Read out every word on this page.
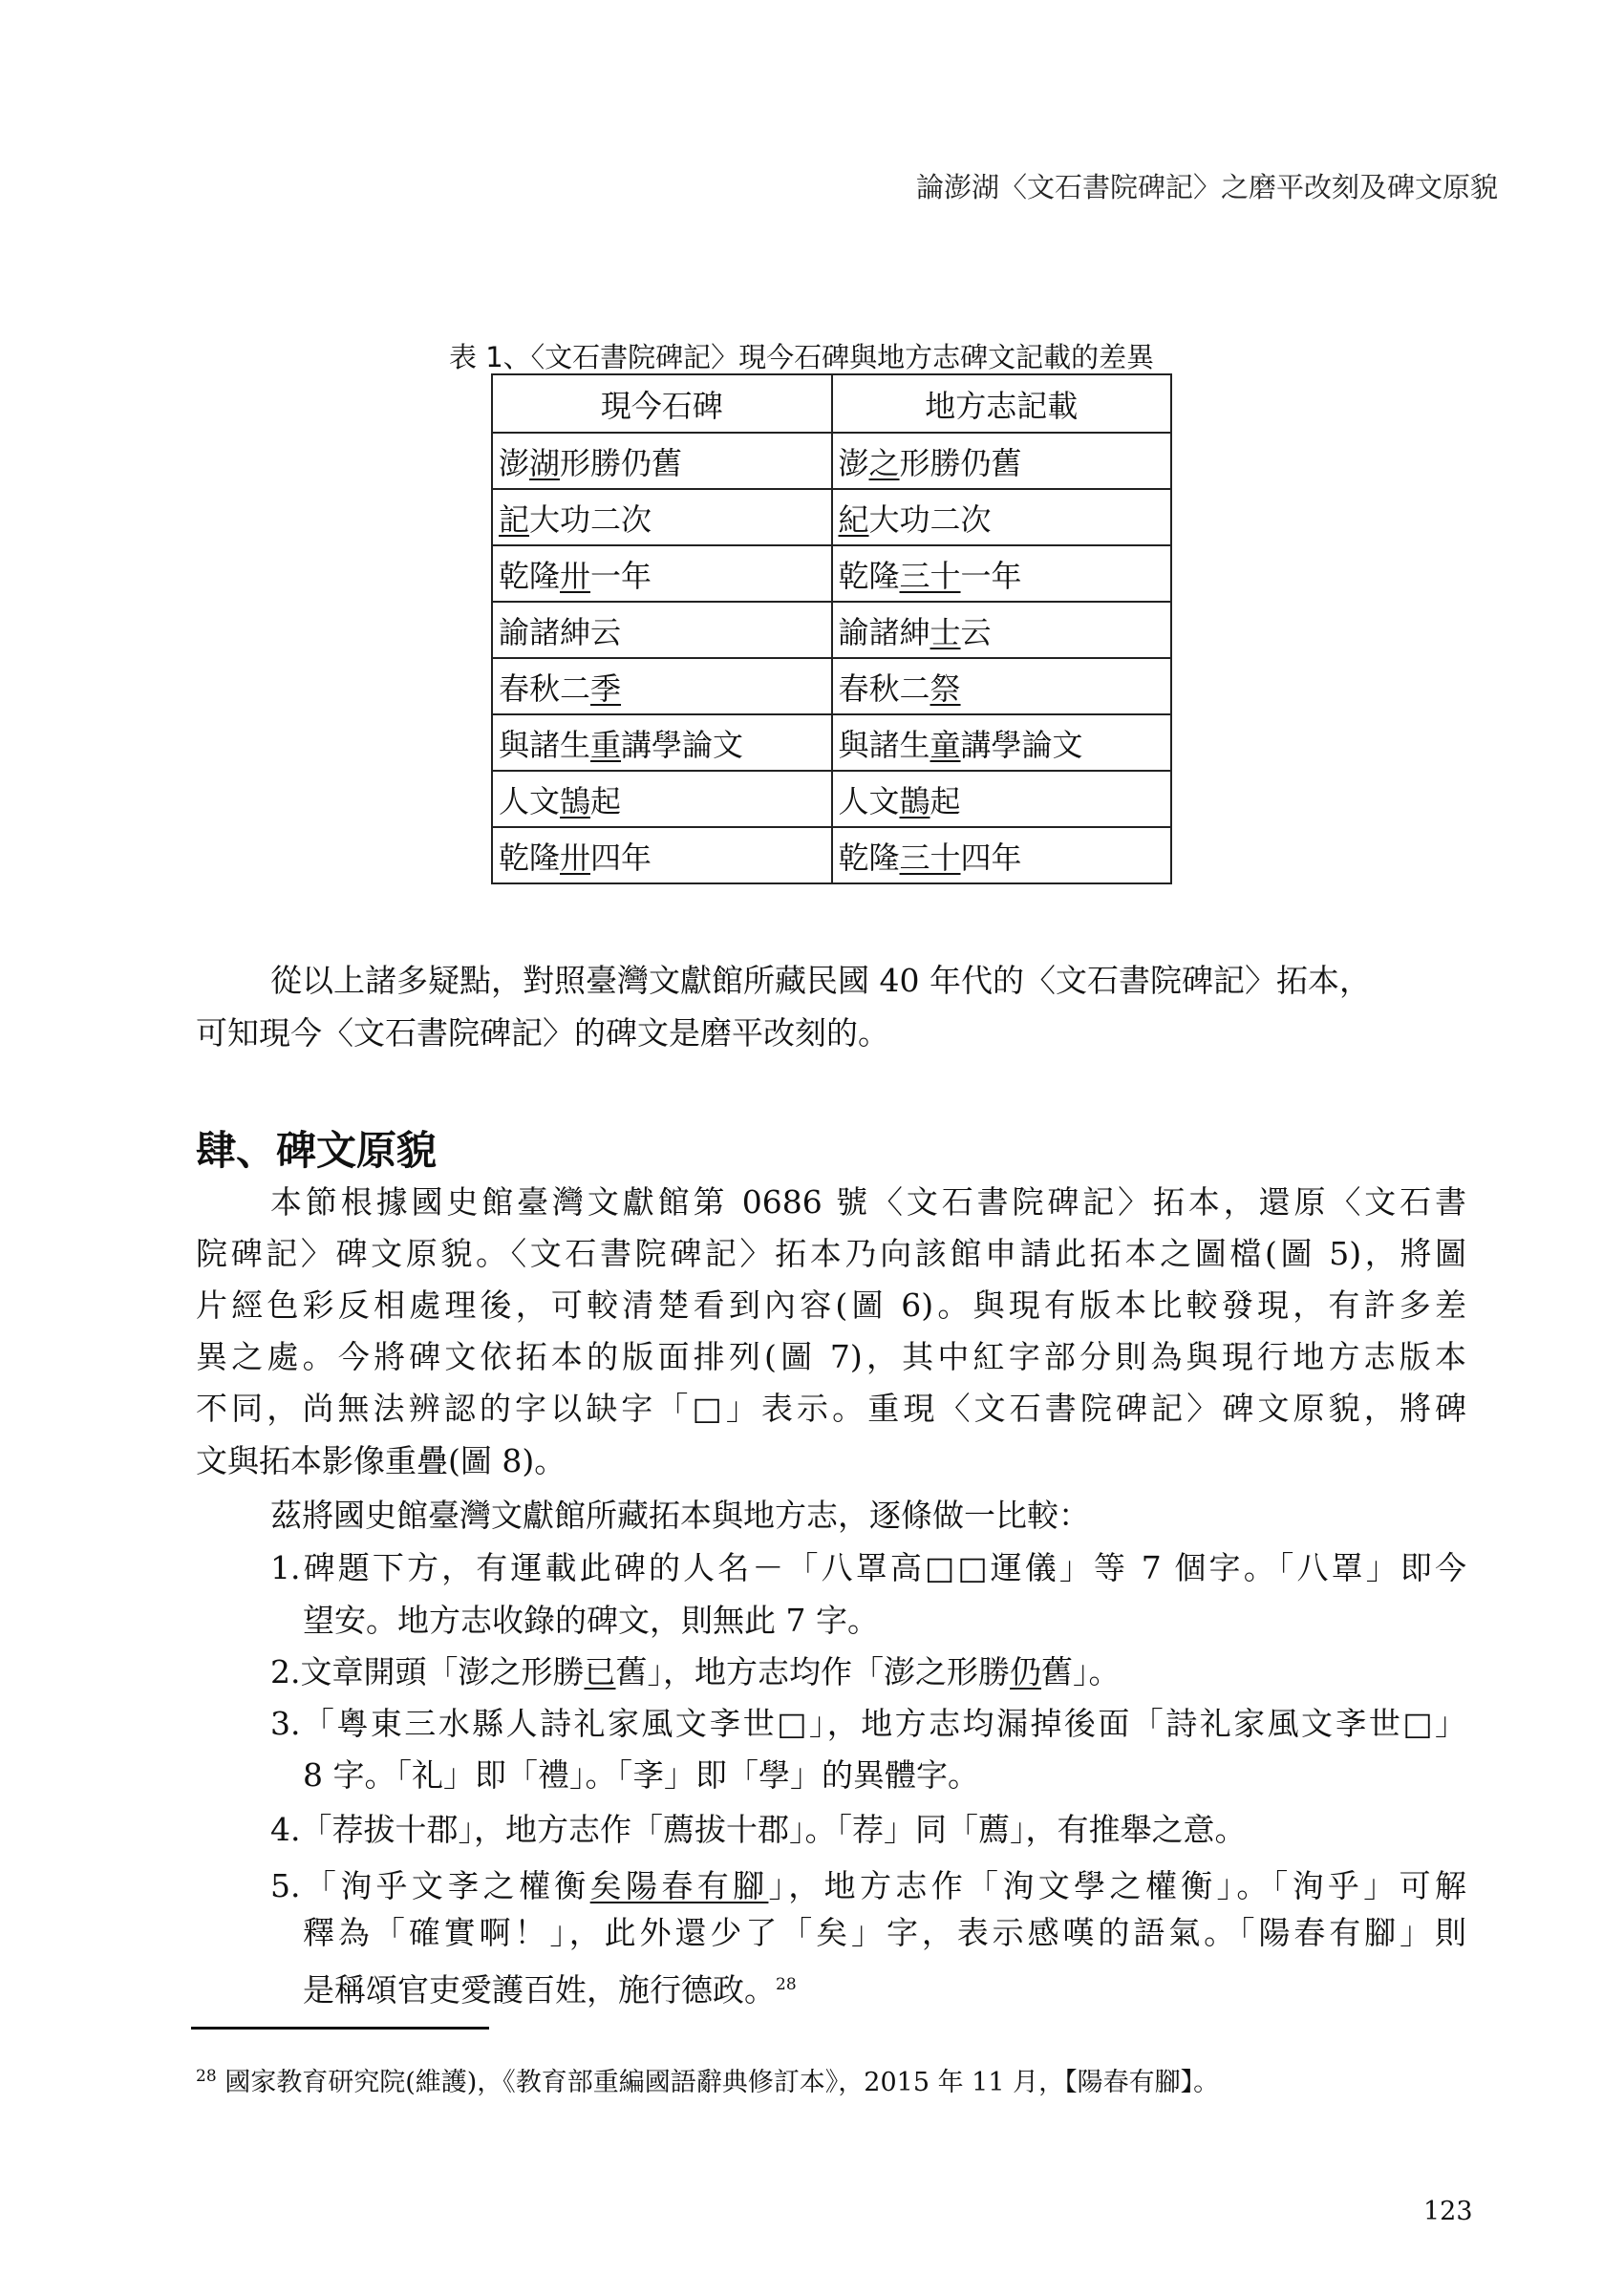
論澎湖〈文石書院碑記〉之磨平改刻及碑文原貌
表 1、〈文石書院碑記〉現今石碑與地方志碑文記載的差異
現今石碑	地方志記載
澎湖形勝仍舊	澎之形勝仍舊
記大功二次	紀大功二次
乾隆卅一年	乾隆三十一年
諭諸紳云	諭諸紳士云
春秋二季	春秋二祭
與諸生重講學論文	與諸生童講學論文
人文鵠起	人文鵲起
乾隆卅四年	乾隆三十四年
從以上諸多疑點，對照臺灣文獻館所藏民國 40 年代的〈文石書院碑記〉拓本，
可知現今〈文石書院碑記〉的碑文是磨平改刻的。
肆、碑文原貌
本節根據國史館臺灣文獻館第 0686 號〈文石書院碑記〉拓本，還原〈文石書
院碑記〉碑文原貌。〈文石書院碑記〉拓本乃向該館申請此拓本之圖檔(圖 5)，將圖
片經色彩反相處理後，可較清楚看到內容(圖 6)。與現有版本比較發現，有許多差
異之處。今將碑文依拓本的版面排列(圖 7)，其中紅字部分則為與現行地方志版本
不同，尚無法辨認的字以缺字「□」表示。重現〈文石書院碑記〉碑文原貌，將碑
文與拓本影像重疊(圖 8)。
茲將國史館臺灣文獻館所藏拓本與地方志，逐條做一比較：
1.碑題下方，有運載此碑的人名－「八罩高□□運儀」等 7 個字。「八罩」即今
望安。地方志收錄的碑文，則無此 7 字。
2.文章開頭「澎之形勝已舊」，地方志均作「澎之形勝仍舊」。
3.「粵東三水縣人詩礼家風文斈世□」，地方志均漏掉後面「詩礼家風文斈世□」
8 字。「礼」即「禮」。「斈」即「學」的異體字。
4.「荐拔十郡」，地方志作「薦拔十郡」。「荐」同「薦」，有推舉之意。
5.「洵乎文斈之權衡矣陽春有腳」，地方志作「洵文學之權衡」。「洵乎」可解
釋為「確實啊！」，此外還少了「矣」字，表示感嘆的語氣。「陽春有腳」則
是稱頌官吏愛護百姓，施行德政。$^{28}$
$^{28}$ 國家教育研究院(維護)，《教育部重編國語辭典修訂本》，2015 年 11 月，【陽春有腳】。
123
